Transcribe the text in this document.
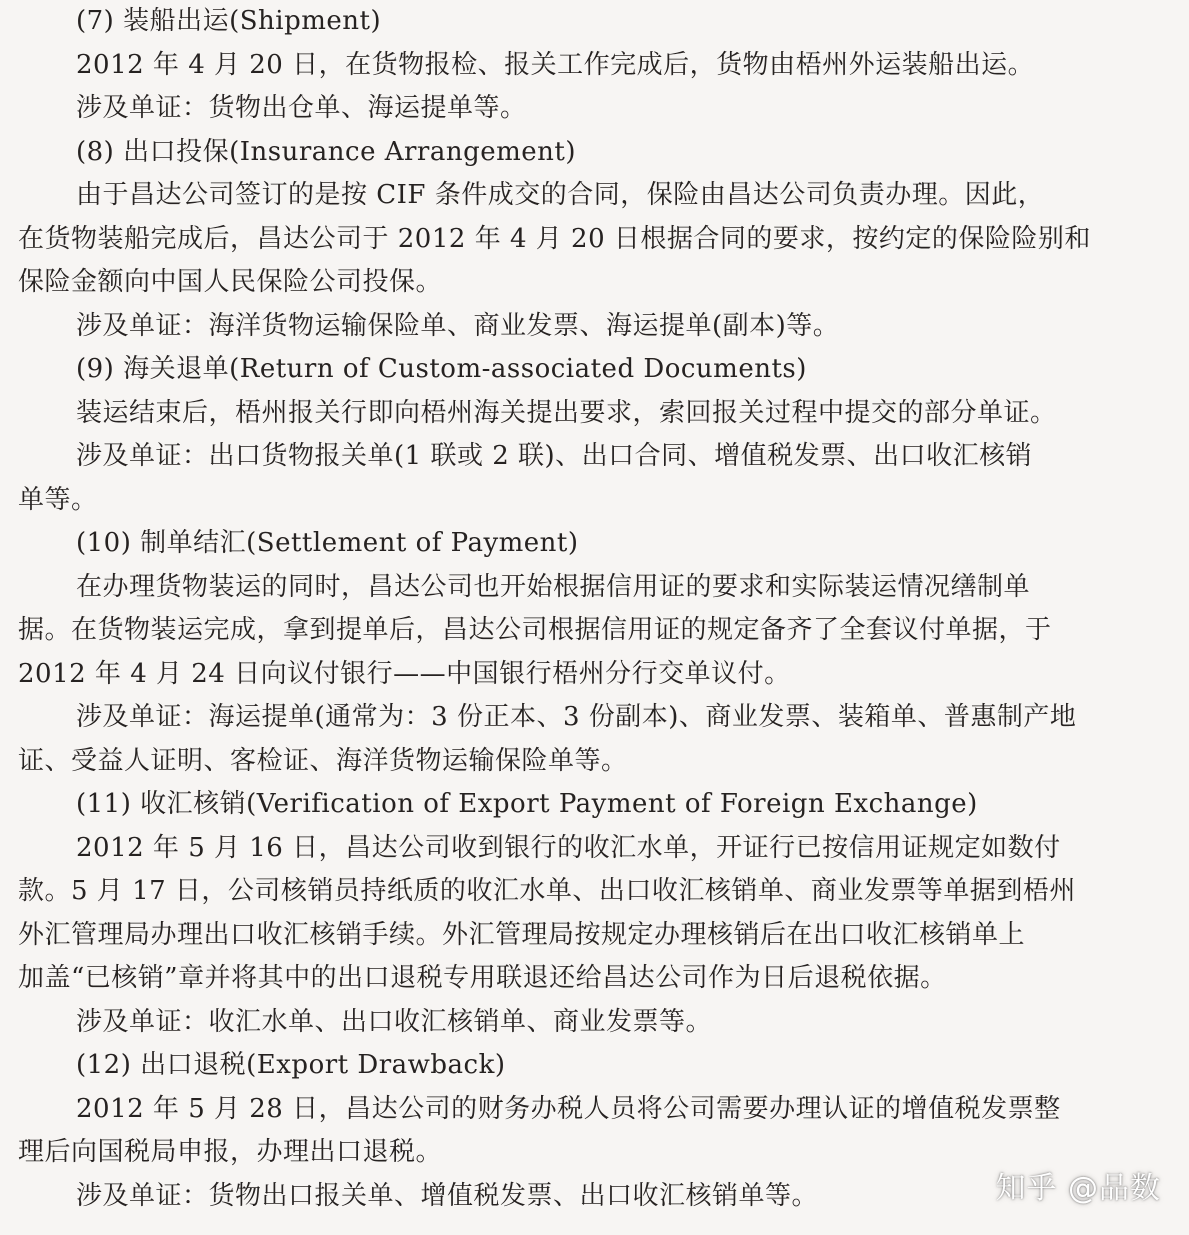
(7) 装船出运(Shipment)
2012 年 4 月 20 日，在货物报检、报关工作完成后，货物由梧州外运装船出运。
涉及单证：货物出仓单、海运提单等。
(8) 出口投保(Insurance Arrangement)
由于昌达公司签订的是按 CIF 条件成交的合同，保险由昌达公司负责办理。因此，
在货物装船完成后，昌达公司于 2012 年 4 月 20 日根据合同的要求，按约定的保险险别和
保险金额向中国人民保险公司投保。
涉及单证：海洋货物运输保险单、商业发票、海运提单(副本)等。
(9) 海关退单(Return of Custom-associated Documents)
装运结束后，梧州报关行即向梧州海关提出要求，索回报关过程中提交的部分单证。
涉及单证：出口货物报关单(1 联或 2 联)、出口合同、增值税发票、出口收汇核销
单等。
(10) 制单结汇(Settlement of Payment)
在办理货物装运的同时，昌达公司也开始根据信用证的要求和实际装运情况缮制单
据。在货物装运完成，拿到提单后，昌达公司根据信用证的规定备齐了全套议付单据，于
2012 年 4 月 24 日向议付银行——中国银行梧州分行交单议付。
涉及单证：海运提单(通常为：3 份正本、3 份副本)、商业发票、装箱单、普惠制产地
证、受益人证明、客检证、海洋货物运输保险单等。
(11) 收汇核销(Verification of Export Payment of Foreign Exchange)
2012 年 5 月 16 日，昌达公司收到银行的收汇水单，开证行已按信用证规定如数付
款。5 月 17 日，公司核销员持纸质的收汇水单、出口收汇核销单、商业发票等单据到梧州
外汇管理局办理出口收汇核销手续。外汇管理局按规定办理核销后在出口收汇核销单上
加盖“已核销”章并将其中的出口退税专用联退还给昌达公司作为日后退税依据。
涉及单证：收汇水单、出口收汇核销单、商业发票等。
(12) 出口退税(Export Drawback)
2012 年 5 月 28 日，昌达公司的财务办税人员将公司需要办理认证的增值税发票整
理后向国税局申报，办理出口退税。
涉及单证：货物出口报关单、增值税发票、出口收汇核销单等。	知乎 @品数
